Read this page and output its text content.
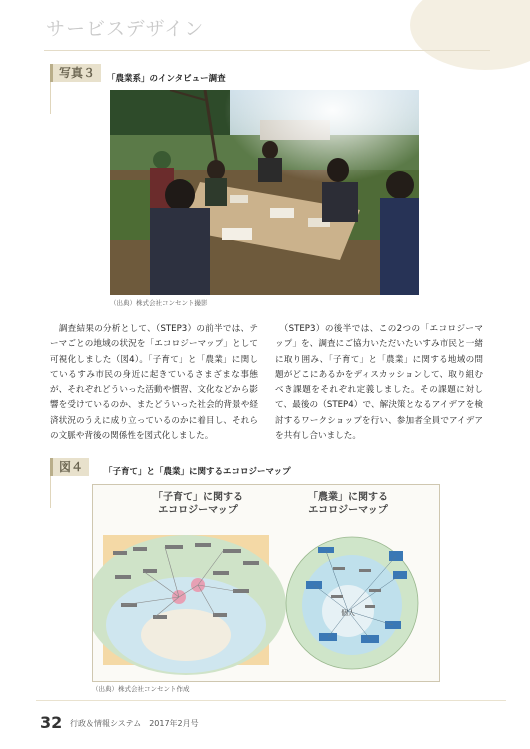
サービスデザイン
写真３	「農業系」のインタビュー調査
（出典）株式会社コンセント撮影
　調査結果の分析として、（STEP3）の前半では、テーマごとの地域の状況を「エコロジーマップ」として可視化しました（図4）。「子育て」と「農業」に関しているすみ市民の身近に起きているさまざまな事態が、それぞれどういった活動や慣習、文化などから影響を受けているのか、またどういった社会的背景や経済状況のうえに成り立っているのかに着目し、それらの文脈や背後の関係性を図式化しました。
　（STEP3）の後半では、この2つの「エコロジーマップ」を、調査にご協力いただいたいすみ市民と一緒に取り囲み、「子育て」と「農業」に関する地域の問題がどこにあるかをディスカッションして、取り組むべき課題をそれぞれ定義しました。その課題に対して、最後の（STEP4）で、解決策となるアイデアを検討するワークショップを行い、参加者全員でアイデアを共有し合いました。
図４	「子育て」と「農業」に関するエコロジーマップ
「子育て」に関する
エコロジーマップ
「農業」に関する
エコロジーマップ
個人
（出典）株式会社コンセント作成
32 行政＆情報システム　2017年2月号
